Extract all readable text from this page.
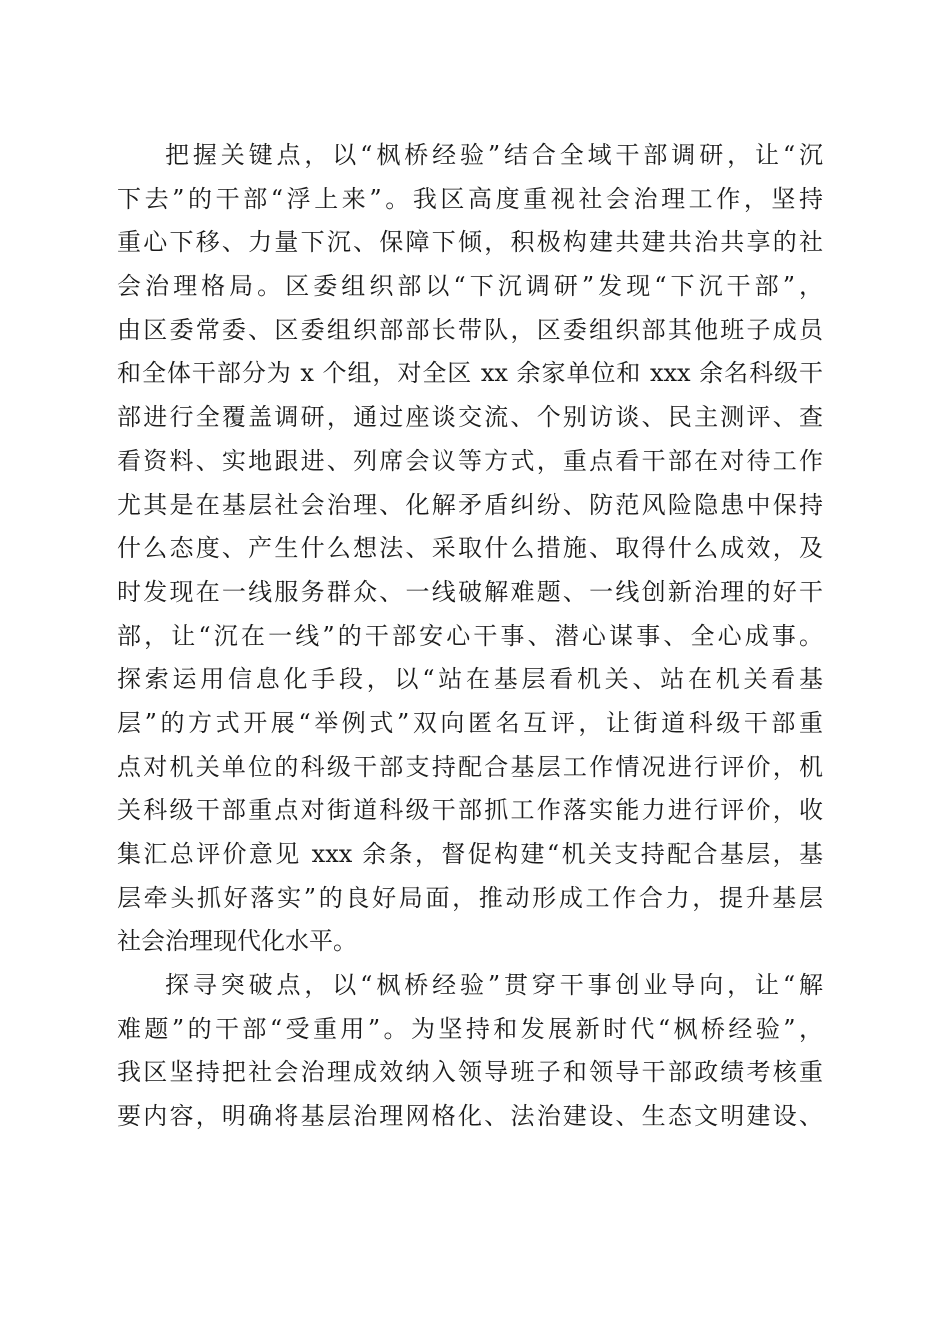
把握关键点，以“枫桥经验”结合全域干部调研，让“沉
下去”的干部“浮上来”。我区高度重视社会治理工作，坚持
重心下移、力量下沉、保障下倾，积极构建共建共治共享的社
会治理格局。区委组织部以“下沉调研”发现“下沉干部”，
由区委常委、区委组织部部长带队，区委组织部其他班子成员
和全体干部分为 x 个组，对全区 xx 余家单位和 xxx 余名科级干
部进行全覆盖调研，通过座谈交流、个别访谈、民主测评、查
看资料、实地跟进、列席会议等方式，重点看干部在对待工作
尤其是在基层社会治理、化解矛盾纠纷、防范风险隐患中保持
什么态度、产生什么想法、采取什么措施、取得什么成效，及
时发现在一线服务群众、一线破解难题、一线创新治理的好干
部，让“沉在一线”的干部安心干事、潜心谋事、全心成事。
探索运用信息化手段，以“站在基层看机关、站在机关看基
层”的方式开展“举例式”双向匿名互评，让街道科级干部重
点对机关单位的科级干部支持配合基层工作情况进行评价，机
关科级干部重点对街道科级干部抓工作落实能力进行评价，收
集汇总评价意见 xxx 余条，督促构建“机关支持配合基层，基
层牵头抓好落实”的良好局面，推动形成工作合力，提升基层
社会治理现代化水平。
探寻突破点，以“枫桥经验”贯穿干事创业导向，让“解
难题”的干部“受重用”。为坚持和发展新时代“枫桥经验”，
我区坚持把社会治理成效纳入领导班子和领导干部政绩考核重
要内容，明确将基层治理网格化、法治建设、生态文明建设、
